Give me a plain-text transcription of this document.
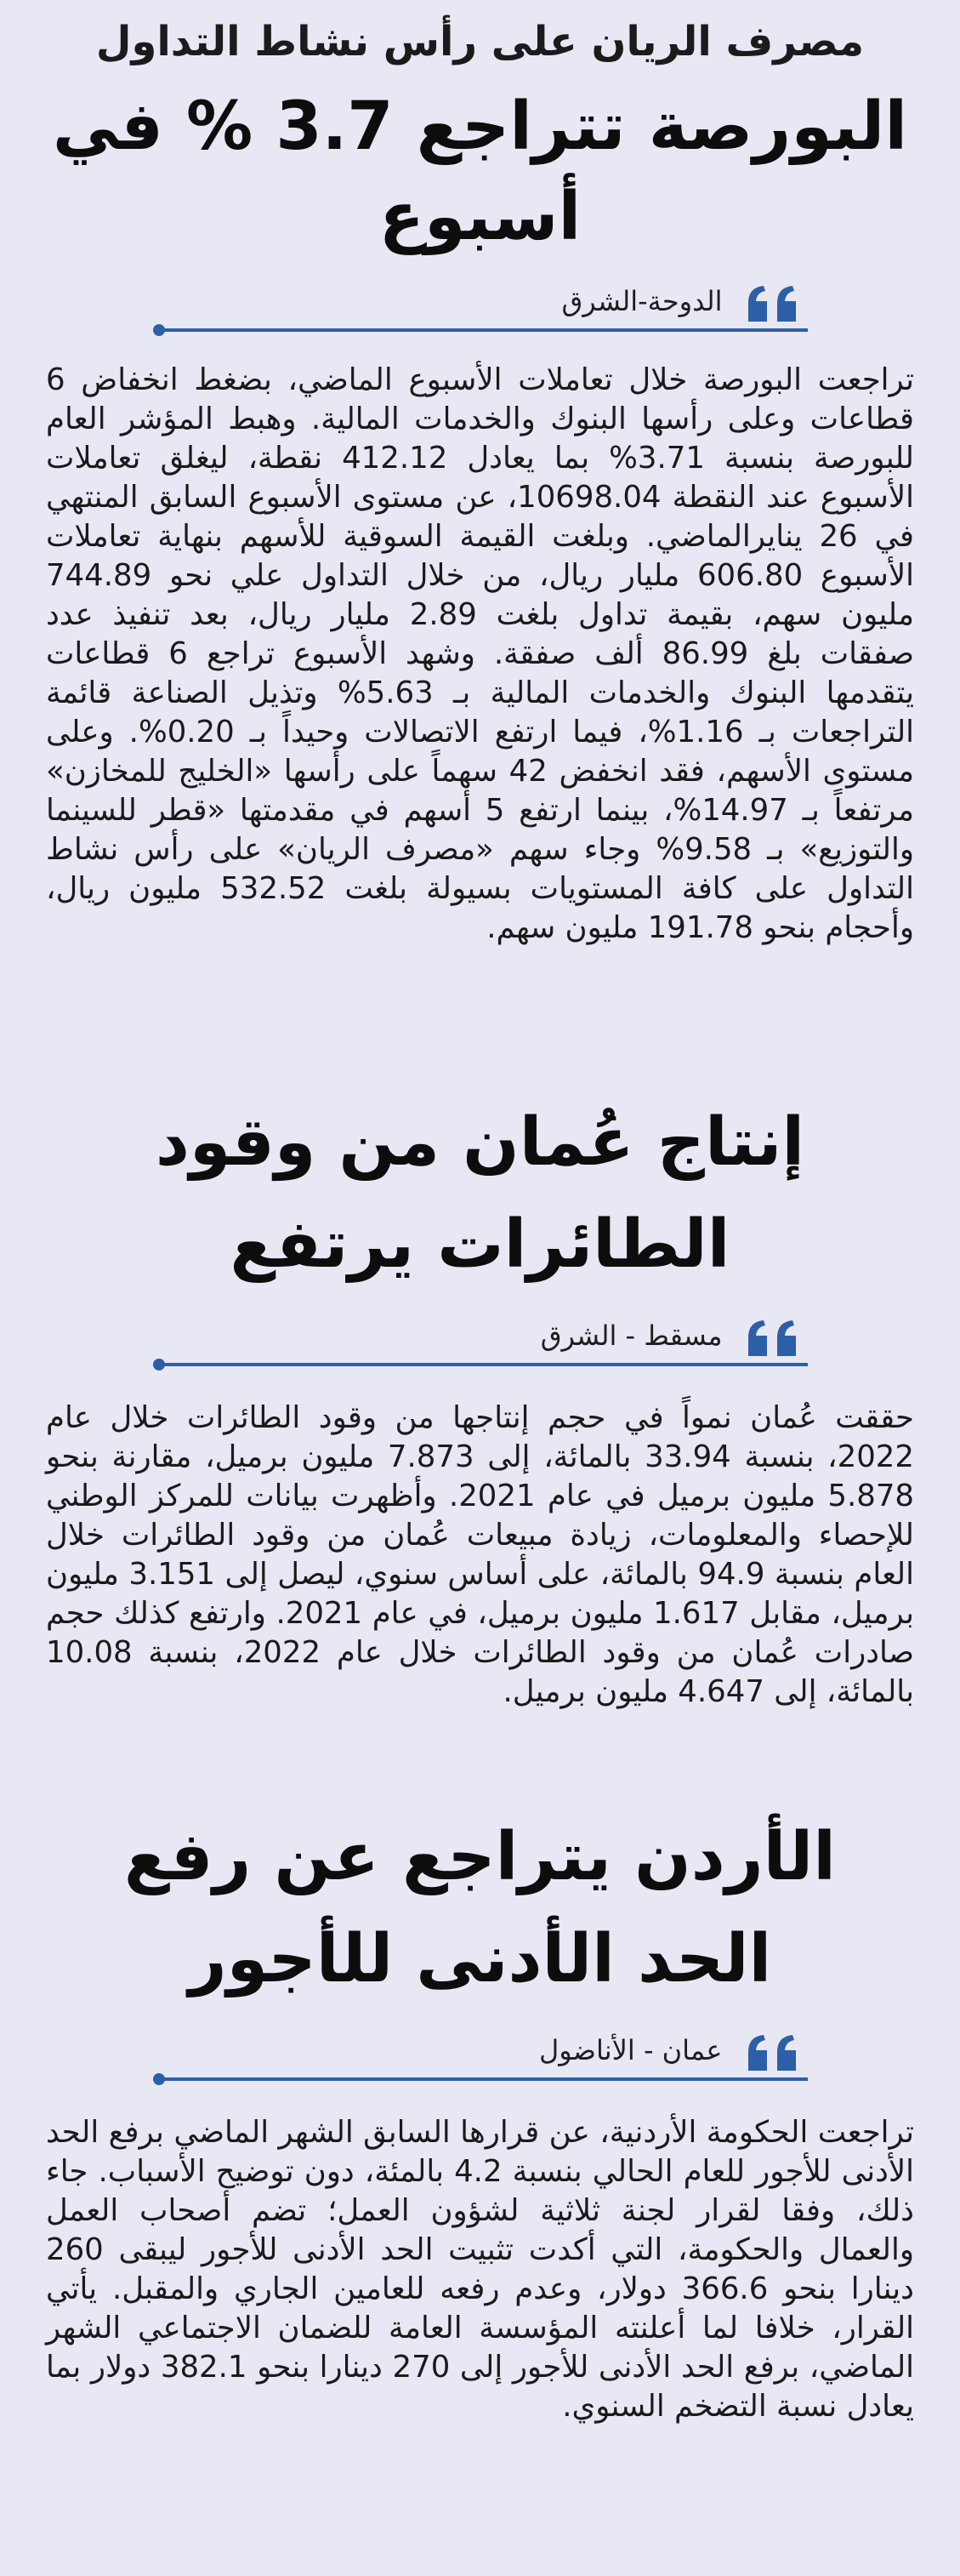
مصرف الريان على رأس نشاط التداول
البورصة تتراجع 3.7 % في أسبوع
الدوحة-الشرق

تراجعت البورصة خلال تعاملات الأسبوع الماضي، بضغط انخفاض 6 قطاعات وعلى رأسها البنوك والخدمات المالية. وهبط المؤشر العام للبورصة بنسبة 3.71% بما يعادل 412.12 نقطة، ليغلق تعاملات الأسبوع عند النقطة 10698.04، عن مستوى الأسبوع السابق المنتهي في 26 ينايرالماضي. وبلغت القيمة السوقية للأسهم بنهاية تعاملات الأسبوع 606.80 مليار ريال، من خلال التداول علي نحو 744.89 مليون سهم، بقيمة تداول بلغت 2.89 مليار ريال، بعد تنفيذ عدد صفقات بلغ 86.99 ألف صفقة. وشهد الأسبوع تراجع 6 قطاعات يتقدمها البنوك والخدمات المالية بـ 5.63% وتذيل الصناعة قائمة التراجعات بـ 1.16%، فيما ارتفع الاتصالات وحيداً بـ 0.20%. وعلى مستوى الأسهم، فقد انخفض 42 سهماً على رأسها «الخليج للمخازن» مرتفعاً بـ 14.97%، بينما ارتفع 5 أسهم في مقدمتها «قطر للسينما والتوزيع» بـ 9.58% وجاء سهم «مصرف الريان» على رأس نشاط التداول على كافة المستويات بسيولة بلغت 532.52 مليون ريال، وأحجام بنحو 191.78 مليون سهم.

إنتاج عُمان من وقود
الطائرات يرتفع
مسقط - الشرق

حققت عُمان نمواً في حجم إنتاجها من وقود الطائرات خلال عام 2022، بنسبة 33.94 بالمائة، إلى 7.873 مليون برميل، مقارنة بنحو 5.878 مليون برميل في عام 2021. وأظهرت بيانات للمركز الوطني للإحصاء والمعلومات، زيادة مبيعات عُمان من وقود الطائرات خلال العام بنسبة 94.9 بالمائة، على أساس سنوي، ليصل إلى 3.151 مليون برميل، مقابل 1.617 مليون برميل، في عام 2021. وارتفع كذلك حجم صادرات عُمان من وقود الطائرات خلال عام 2022، بنسبة 10.08 بالمائة، إلى 4.647 مليون برميل.

الأردن يتراجع عن رفع
الحد الأدنى للأجور
عمان - الأناضول

تراجعت الحكومة الأردنية، عن قرارها السابق الشهر الماضي برفع الحد الأدنى للأجور للعام الحالي بنسبة 4.2 بالمئة، دون توضيح الأسباب. جاء ذلك، وفقا لقرار لجنة ثلاثية لشؤون العمل؛ تضم أصحاب العمل والعمال والحكومة، التي أكدت تثبيت الحد الأدنى للأجور ليبقى 260 دينارا بنحو 366.6 دولار، وعدم رفعه للعامين الجاري والمقبل. يأتي القرار، خلافا لما أعلنته المؤسسة العامة للضمان الاجتماعي الشهر الماضي، برفع الحد الأدنى للأجور إلى 270 دينارا بنحو 382.1 دولار بما يعادل نسبة التضخم السنوي.
